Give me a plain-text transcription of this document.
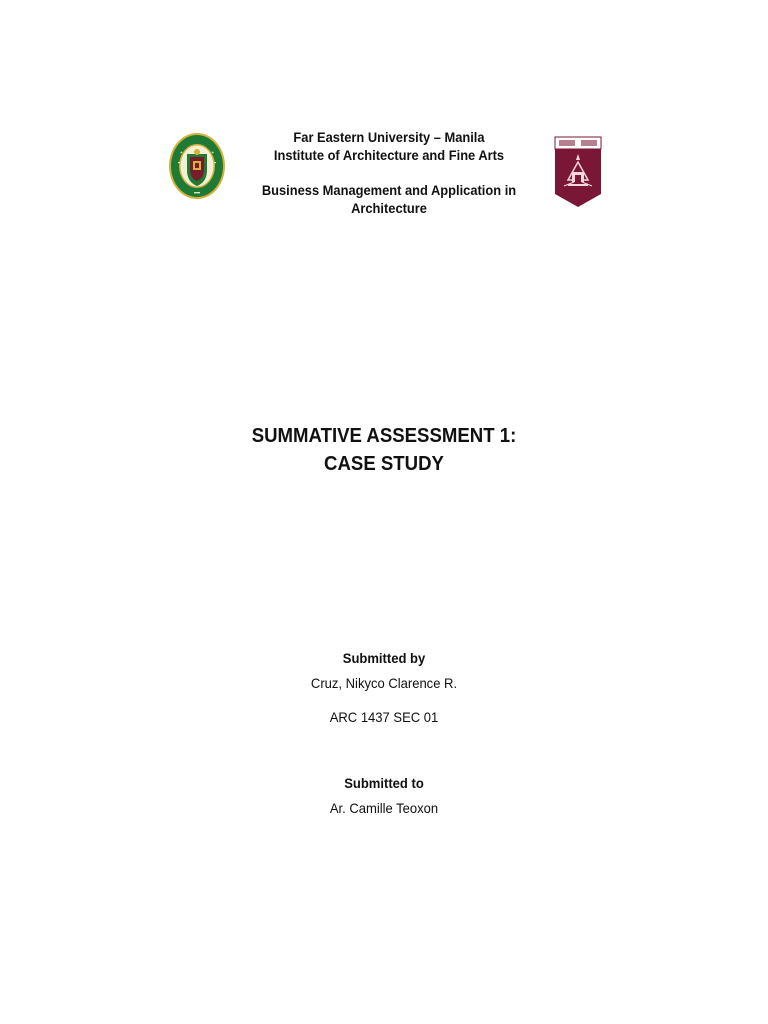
Far Eastern University – Manila
Institute of Architecture and Fine Arts
Business Management and Application in
Architecture
SUMMATIVE ASSESSMENT 1:
CASE STUDY
Submitted by
Cruz, Nikyco Clarence R.
ARC 1437 SEC 01
Submitted to
Ar. Camille Teoxon
